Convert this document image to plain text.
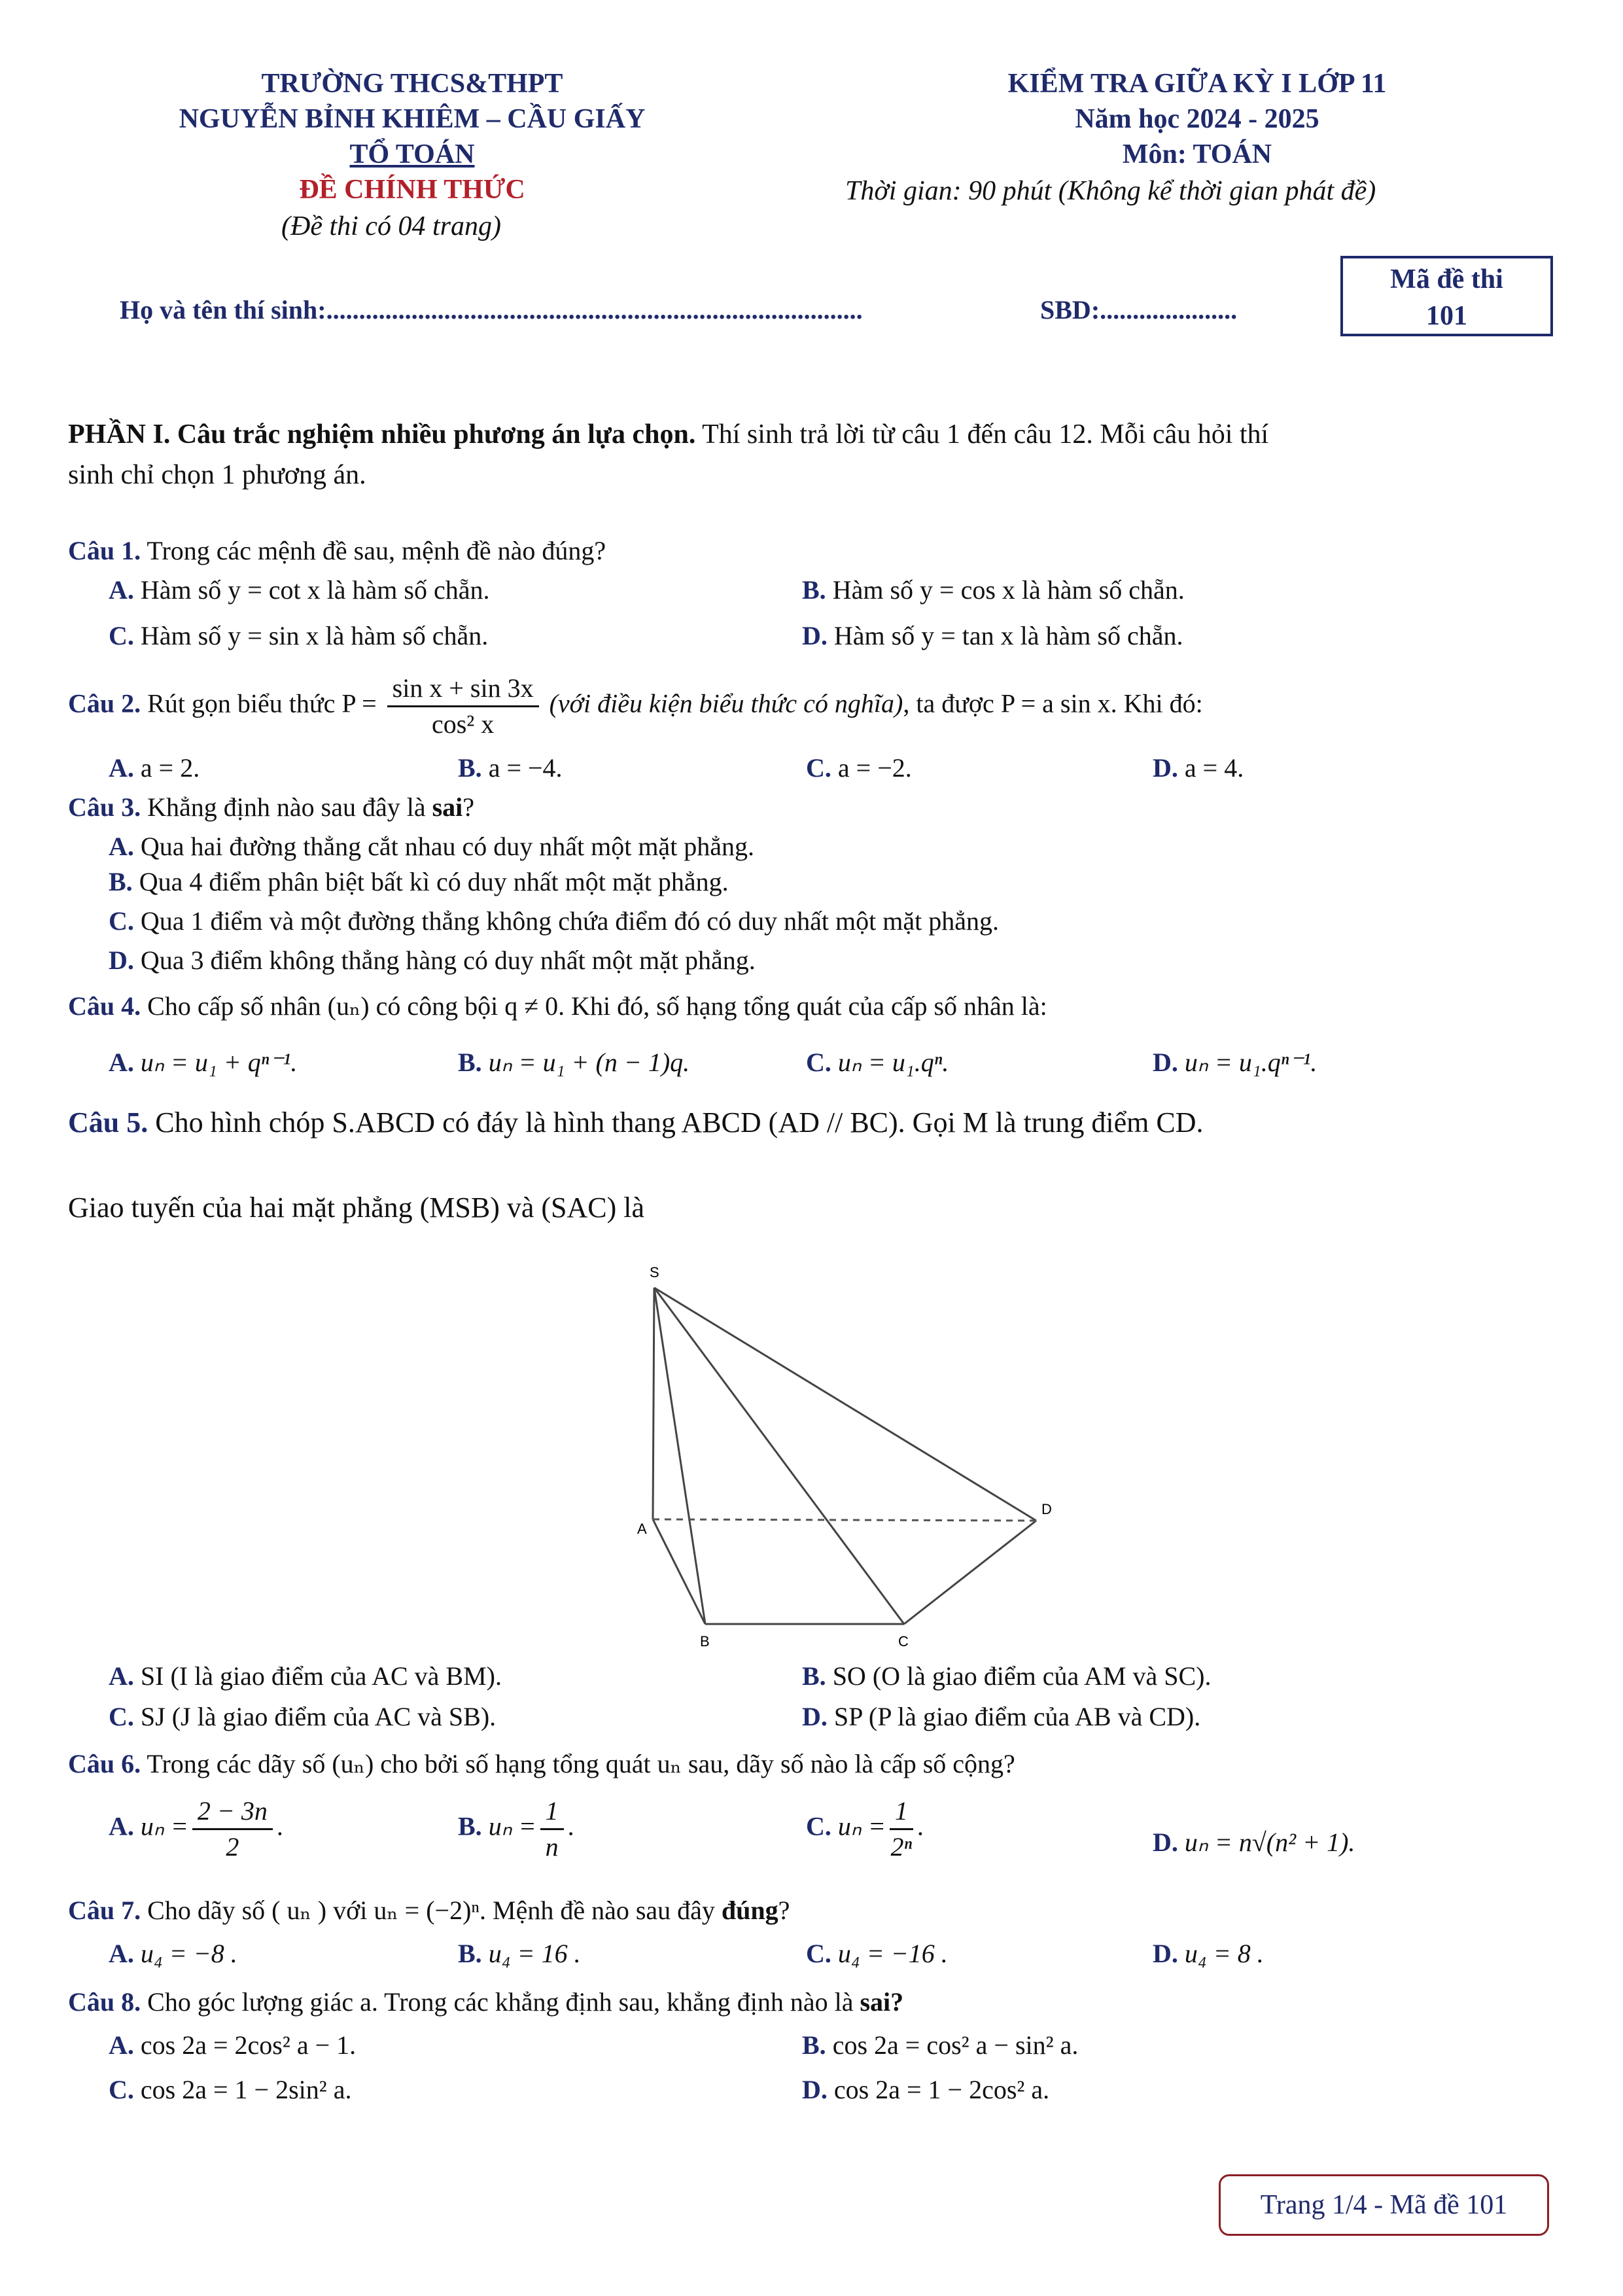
TRƯỜNG THCS&THPT
NGUYỄN BỈNH KHIÊM – CẦU GIẤY
TỔ TOÁN
ĐỀ CHÍNH THỨC
(Đề thi có 04 trang)
KIỂM TRA GIỮA KỲ I LỚP 11
Năm học 2024 - 2025
Môn: TOÁN
Thời gian: 90 phút (Không kể thời gian phát đề)
Họ và tên thí sinh:..................................................................................	SBD:.....................
Mã đề thi
101
PHẦN I. Câu trắc nghiệm nhiều phương án lựa chọn. Thí sinh trả lời từ câu 1 đến câu 12. Mỗi câu hỏi thí
sinh chỉ chọn 1 phương án.
Câu 1. Trong các mệnh đề sau, mệnh đề nào đúng?
A. Hàm số y = cot x là hàm số chẵn.	B. Hàm số y = cos x là hàm số chẵn.
C. Hàm số y = sin x là hàm số chẵn.	D. Hàm số y = tan x là hàm số chẵn.
Câu 2. Rút gọn biểu thức $P = \frac{\text{sin x + sin 3x}}{\text{cos² x}}$ (với điều kiện biểu thức có nghĩa), ta được P = a sin x. Khi đó:
A. a = 2.	B. a = −4.	C. a = −2.	D. a = 4.
Câu 3. Khẳng định nào sau đây là sai?
A. Qua hai đường thẳng cắt nhau có duy nhất một mặt phẳng.
B. Qua 4 điểm phân biệt bất kì có duy nhất một mặt phẳng.
C. Qua 1 điểm và một đường thẳng không chứa điểm đó có duy nhất một mặt phẳng.
D. Qua 3 điểm không thẳng hàng có duy nhất một mặt phẳng.
Câu 4. Cho cấp số nhân (uₙ) có công bội q ≠ 0. Khi đó, số hạng tổng quát của cấp số nhân là:
A. uₙ = u₁ + qⁿ⁻¹.	B. uₙ = u₁ + (n − 1)q.	C. uₙ = u₁.qⁿ.	D. uₙ = u₁.qⁿ⁻¹.
Câu 5. Cho hình chóp S.ABCD có đáy là hình thang ABCD (AD // BC). Gọi M là trung điểm CD.
Giao tuyến của hai mặt phẳng (MSB) và (SAC) là
S
A
B	C
D
A. SI (I là giao điểm của AC và BM).	B. SO (O là giao điểm của AM và SC).
C. SJ (J là giao điểm của AC và SB).	D. SP (P là giao điểm của AB và CD).
Câu 6. Trong các dãy số (uₙ) cho bởi số hạng tổng quát uₙ sau, dãy số nào là cấp số cộng?
A. $u_n = \frac{2 - 3n}{2}$ .	B. $u_n = \frac{1}{n}$ .	C. $u_n = \frac{1}{\text{2ⁿ}}$ .
D. uₙ = n√(n² + 1).
Câu 7. Cho dãy số ( uₙ ) với uₙ = (−2)ⁿ. Mệnh đề nào sau đây đúng?
A. u₄ = −8 .	B. u₄ = 16 .	C. u₄ = −16 .	D. u₄ = 8 .
Câu 8. Cho góc lượng giác a. Trong các khẳng định sau, khẳng định nào là sai?
A. cos 2a = 2cos² a − 1.	B. cos 2a = cos² a − sin² a.
C. cos 2a = 1 − 2sin² a.	D. cos 2a = 1 − 2cos² a.
Trang 1/4 - Mã đề 101
